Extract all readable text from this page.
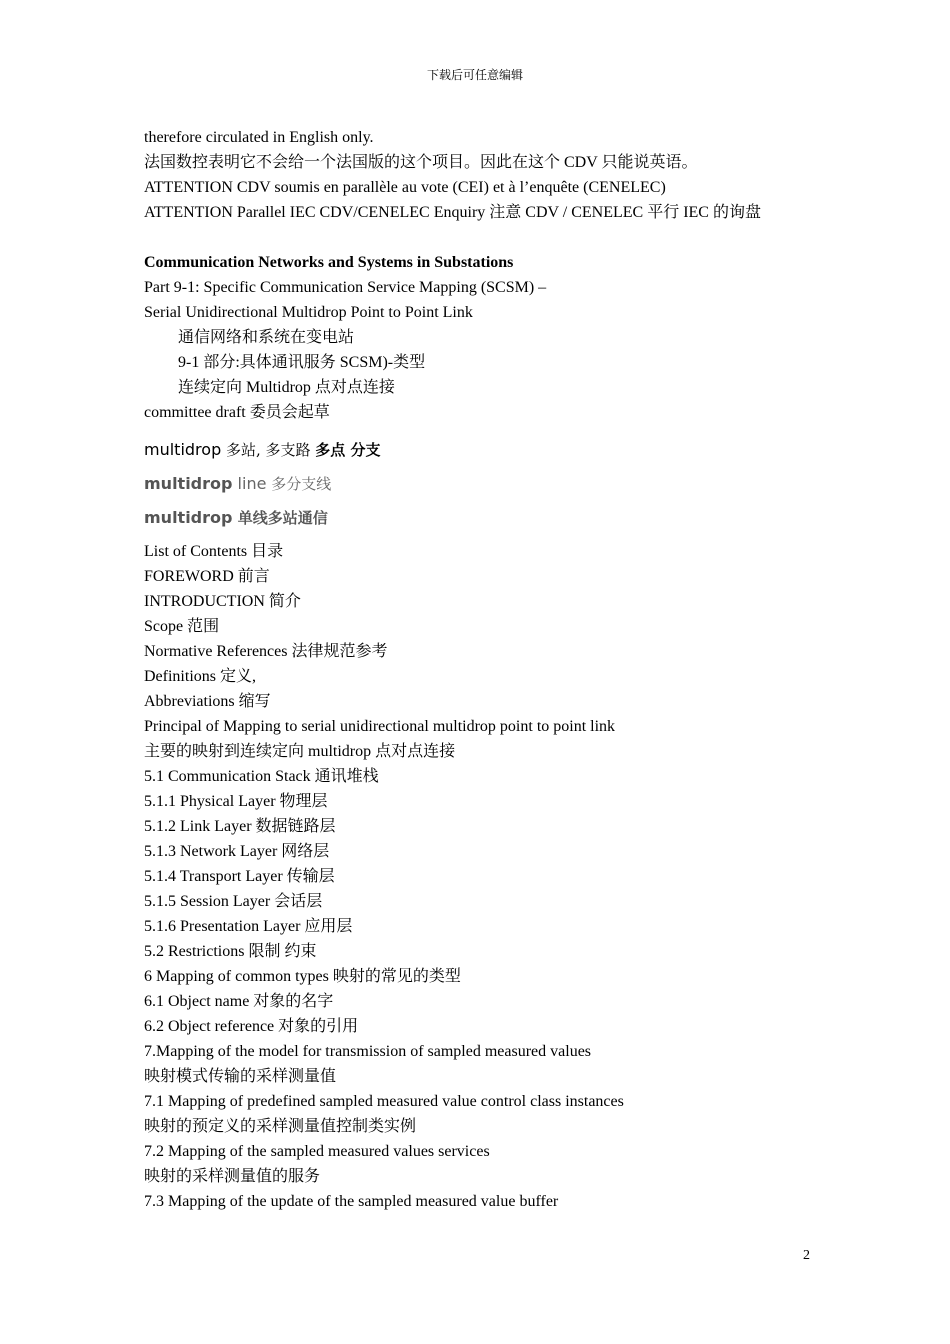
下载后可任意编辑
therefore circulated in English only.
法国数控表明它不会给一个法国版的这个项目。因此在这个 CDV 只能说英语。
ATTENTION CDV soumis en parallèle au vote (CEI) et à l’enquête (CENELEC)
ATTENTION Parallel IEC CDV/CENELEC Enquiry 注意 CDV / CENELEC 平行 IEC 的询盘
Communication Networks and Systems in Substations
Part 9-1: Specific Communication Service Mapping (SCSM) –
Serial Unidirectional Multidrop Point to Point Link
通信网络和系统在变电站
9-1 部分:具体通讯服务 SCSM)-类型
连续定向 Multidrop 点对点连接
committee draft 委员会起草
multidrop 多站, 多支路 多点 分支
multidrop line 多分支线
multidrop 单线多站通信
List of Contents 目录
FOREWORD 前言
INTRODUCTION 简介
Scope 范围
Normative References 法律规范参考
Definitions 定义,
Abbreviations 缩写
Principal of Mapping to serial unidirectional multidrop point to point link
主要的映射到连续定向 multidrop 点对点连接
5.1 Communication Stack 通讯堆栈
5.1.1 Physical Layer 物理层
5.1.2 Link Layer 数据链路层
5.1.3 Network Layer 网络层
5.1.4 Transport Layer 传输层
5.1.5 Session Layer 会话层
5.1.6 Presentation Layer 应用层
5.2 Restrictions 限制 约束
6 Mapping of common types 映射的常见的类型
6.1 Object name 对象的名字
6.2 Object reference 对象的引用
7.Mapping of the model for transmission of sampled measured values
映射模式传输的采样测量值
7.1 Mapping of predefined sampled measured value control class instances
映射的预定义的采样测量值控制类实例
7.2 Mapping of the sampled measured values services
映射的采样测量值的服务
7.3 Mapping of the update of the sampled measured value buffer
2
